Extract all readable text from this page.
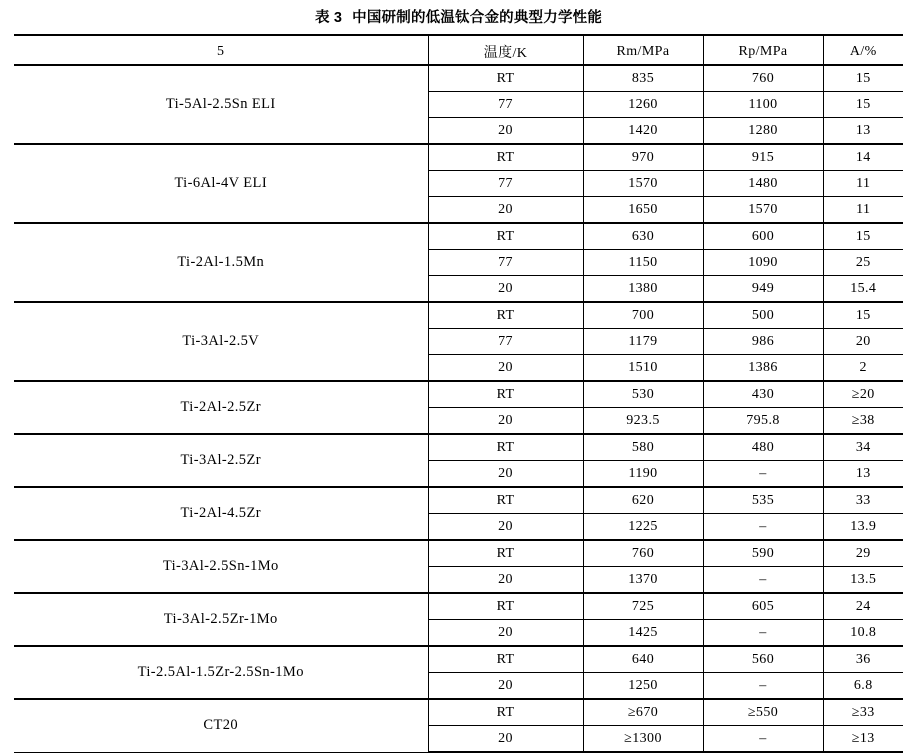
表 3 中国研制的低温钛合金的典型力学性能

5	温度/K	Rm/MPa	Rp/MPa	A/%
Ti-5Al-2.5Sn ELI	RT	835	760	15
	77	1260	1100	15
	20	1420	1280	13
Ti-6Al-4V ELI	RT	970	915	14
	77	1570	1480	11
	20	1650	1570	11
Ti-2Al-1.5Mn	RT	630	600	15
	77	1150	1090	25
	20	1380	949	15.4
Ti-3Al-2.5V	RT	700	500	15
	77	1179	986	20
	20	1510	1386	2
Ti-2Al-2.5Zr	RT	530	430	≥20
	20	923.5	795.8	≥38
Ti-3Al-2.5Zr	RT	580	480	34
	20	1190	–	13
Ti-2Al-4.5Zr	RT	620	535	33
	20	1225	–	13.9
Ti-3Al-2.5Sn-1Mo	RT	760	590	29
	20	1370	–	13.5
Ti-3Al-2.5Zr-1Mo	RT	725	605	24
	20	1425	–	10.8
Ti-2.5Al-1.5Zr-2.5Sn-1Mo	RT	640	560	36
	20	1250	–	6.8
CT20	RT	≥670	≥550	≥33
	20	≥1300	–	≥13
